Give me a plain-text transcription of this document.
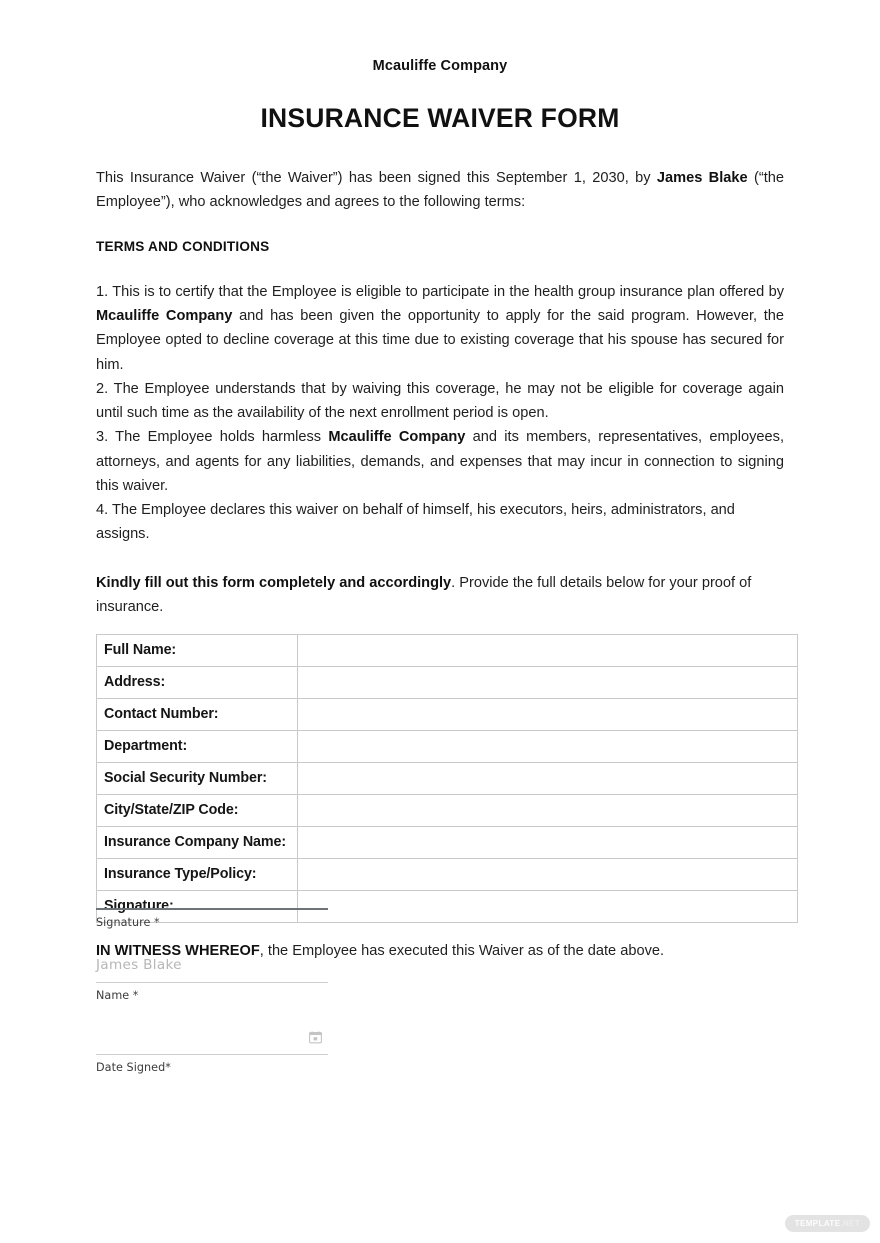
Mcauliffe Company
INSURANCE WAIVER FORM

This Insurance Waiver (“the Waiver”) has been signed this September 1, 2030, by James Blake (“the Employee”), who acknowledges and agrees to the following terms:

TERMS AND CONDITIONS

1. This is to certify that the Employee is eligible to participate in the health group insurance plan offered by Mcauliffe Company and has been given the opportunity to apply for the said program. However, the Employee opted to decline coverage at this time due to existing coverage that his spouse has secured for him.

2. The Employee understands that by waiving this coverage, he may not be eligible for coverage again until such time as the availability of the next enrollment period is open.

3. The Employee holds harmless Mcauliffe Company and its members, representatives, employees, attorneys, and agents for any liabilities, demands, and expenses that may incur in connection to signing this waiver.

4. The Employee declares this waiver on behalf of himself, his executors, heirs, administrators, and assigns.

Kindly fill out this form completely and accordingly. Provide the full details below for your proof of insurance.

Full Name:	
Address:	
Contact Number:	
Department:	
Social Security Number:	
City/State/ZIP Code:	
Insurance Company Name:	
Insurance Type/Policy:	
Signature:	

IN WITNESS WHEREOF, the Employee has executed this Waiver as of the date above.

Signature *
James Blake
Name *
Date Signed*
TEMPLATE .NET
